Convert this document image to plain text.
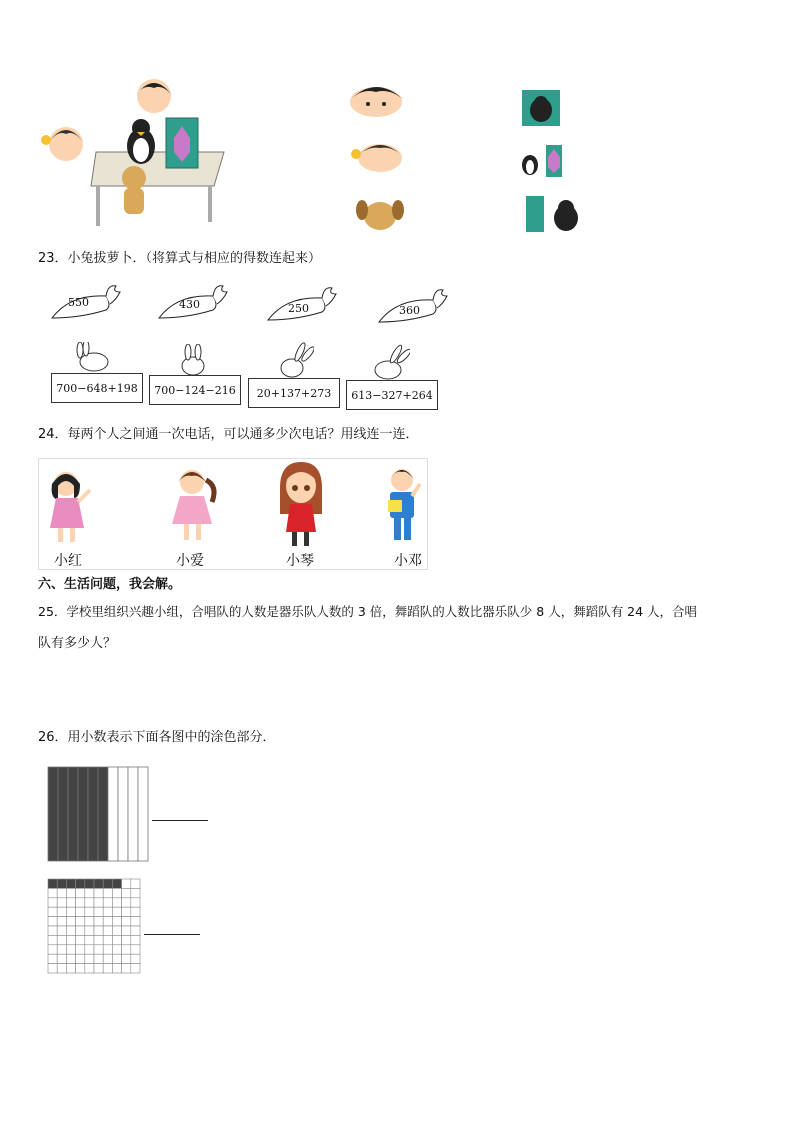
23．小兔拔萝卜．（将算式与相应的得数连起来）
550	430	250	360
700−648+198 700−124−216 20+137+273 613−327+264
24．每两个人之间通一次电话，可以通多少次电话？用线连一连．
小红	小爱	小琴	小邓
六、生活问题，我会解。
25．学校里组织兴趣小组，合唱队的人数是器乐队人数的 3 倍，舞蹈队的人数比器乐队少 8 人，舞蹈队有 24 人，合唱
队有多少人？
26．用小数表示下面各图中的涂色部分．
